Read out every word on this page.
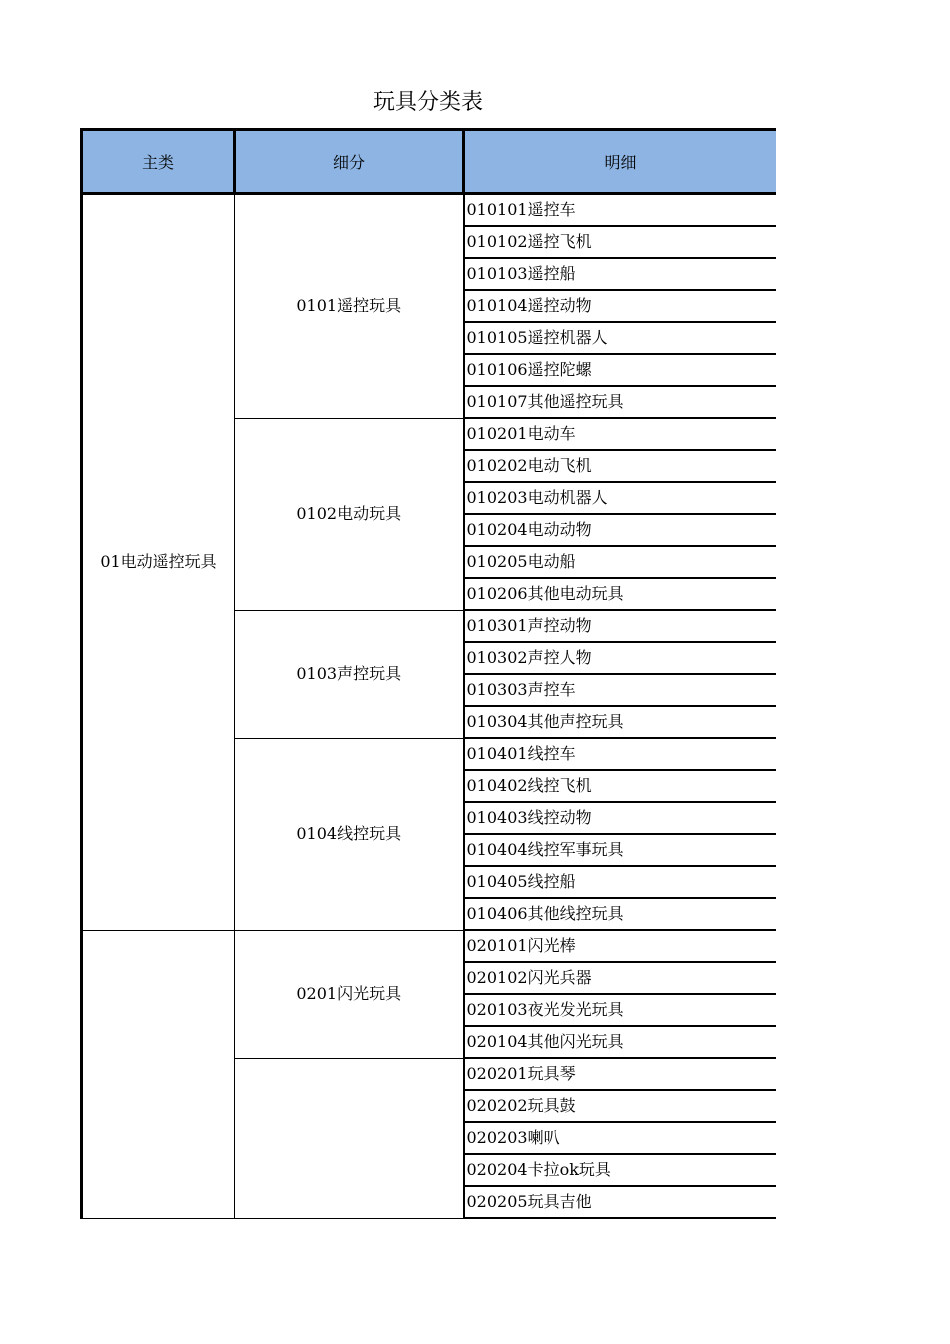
玩具分类表
主类	细分	明细
01电动遥控玩具	0101遥控玩具	010101遥控车
		010102遥控飞机
		010103遥控船
		010104遥控动物
		010105遥控机器人
		010106遥控陀螺
		010107其他遥控玩具
	0102电动玩具	010201电动车
		010202电动飞机
		010203电动机器人
		010204电动动物
		010205电动船
		010206其他电动玩具
	0103声控玩具	010301声控动物
		010302声控人物
		010303声控车
		010304其他声控玩具
	0104线控玩具	010401线控车
		010402线控飞机
		010403线控动物
		010404线控军事玩具
		010405线控船
		010406其他线控玩具
	0201闪光玩具	020101闪光棒
		020102闪光兵器
		020103夜光发光玩具
		020104其他闪光玩具
		020201玩具琴
		020202玩具鼓
		020203喇叭
		020204卡拉ok玩具
		020205玩具吉他
